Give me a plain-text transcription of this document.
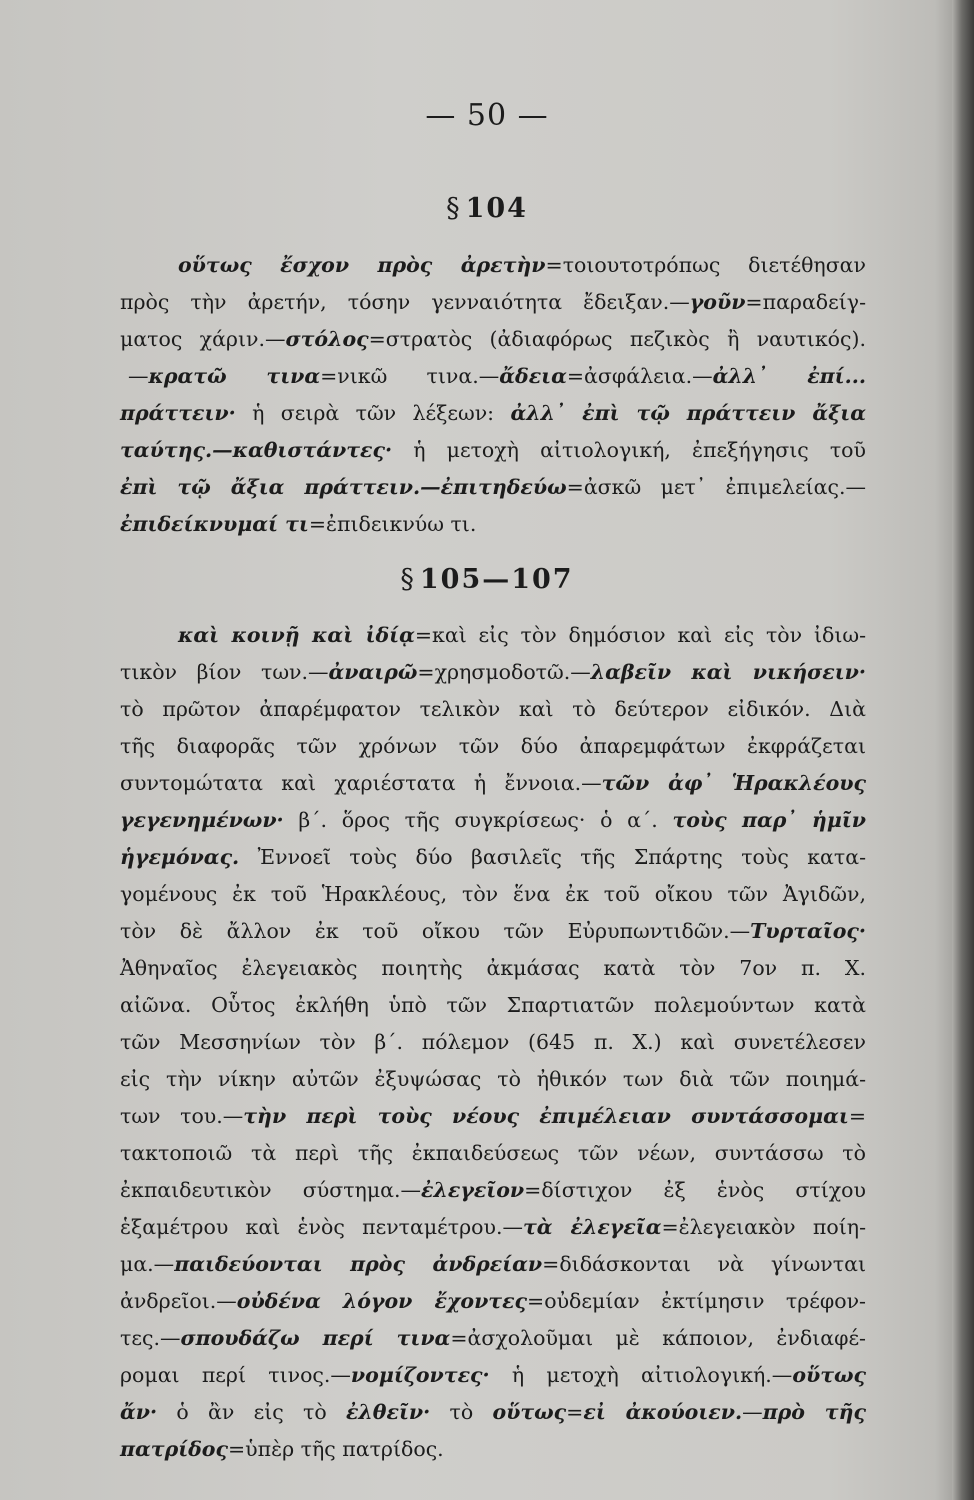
— 50 —
§ 104
οὕτως ἔσχον πρὸς ἀρετὴν=τοιουτοτρόπως διετέθησαν
πρὸς τὴν ἀρετήν, τόσην γενναιότητα ἔδειξαν.—γοῦν=παραδείγ-
ματος χάριν.—στόλος=στρατὸς (ἀδιαφόρως πεζικὸς ἢ ναυτικός).
—κρατῶ τινα=νικῶ τινα.—ἄδεια=ἀσφάλεια.—ἀλλ᾿ ἐπί...
πράττειν· ἡ σειρὰ τῶν λέξεων: ἀλλ᾿ ἐπὶ τῷ πράττειν ἄξια
ταύτης.—καθιστάντες· ἡ μετοχὴ αἰτιολογική, ἐπεξήγησις τοῦ
ἐπὶ τῷ ἄξια πράττειν.—ἐπιτηδεύω=ἀσκῶ μετ᾿ ἐπιμελείας.—
ἐπιδείκνυμαί τι=ἐπιδεικνύω τι.
§ 105—107
καὶ κοινῇ καὶ ἰδίᾳ=καὶ εἰς τὸν δημόσιον καὶ εἰς τὸν ἰδιω-
τικὸν βίον των.—ἀναιρῶ=χρησμοδοτῶ.—λαβεῖν καὶ νικήσειν·
τὸ πρῶτον ἀπαρέμφατον τελικὸν καὶ τὸ δεύτερον εἰδικόν. Διὰ
τῆς διαφορᾶς τῶν χρόνων τῶν δύο ἀπαρεμφάτων ἐκφράζεται
συντομώτατα καὶ χαριέστατα ἡ ἔννοια.—τῶν ἀφ᾿ Ἡρακλέους
γεγενημένων· β΄. ὅρος τῆς συγκρίσεως· ὁ α΄. τοὺς παρ᾿ ἡμῖν
ἡγεμόνας. Ἐννοεῖ τοὺς δύο βασιλεῖς τῆς Σπάρτης τοὺς κατα-
γομένους ἐκ τοῦ Ἡρακλέους, τὸν ἕνα ἐκ τοῦ οἴκου τῶν Ἀγιδῶν,
τὸν δὲ ἄλλον ἐκ τοῦ οἴκου τῶν Εὐρυπωντιδῶν.—Τυρταῖος·
Ἀθηναῖος ἐλεγειακὸς ποιητὴς ἀκμάσας κατὰ τὸν 7ον π. Χ.
αἰῶνα. Οὗτος ἐκλήθη ὑπὸ τῶν Σπαρτιατῶν πολεμούντων κατὰ
τῶν Μεσσηνίων τὸν β΄. πόλεμον (645 π. Χ.) καὶ συνετέλεσεν
εἰς τὴν νίκην αὐτῶν ἐξυψώσας τὸ ἠθικόν των διὰ τῶν ποιημά-
των του.—τὴν περὶ τοὺς νέους ἐπιμέλειαν συντάσσομαι=
τακτοποιῶ τὰ περὶ τῆς ἐκπαιδεύσεως τῶν νέων, συντάσσω τὸ
ἐκπαιδευτικὸν σύστημα.—ἐλεγεῖον=δίστιχον ἐξ ἑνὸς στίχου
ἑξαμέτρου καὶ ἑνὸς πενταμέτρου.—τὰ ἐλεγεῖα=ἐλεγειακὸν ποίη-
μα.—παιδεύονται πρὸς ἀνδρείαν=διδάσκονται νὰ γίνωνται
ἀνδρεῖοι.—οὐδένα λόγον ἔχοντες=οὐδεμίαν ἐκτίμησιν τρέφον-
τες.—σπουδάζω περί τινα=ἀσχολοῦμαι μὲ κάποιον, ἐνδιαφέ-
ρομαι περί τινος.—νομίζοντες· ἡ μετοχὴ αἰτιολογική.—οὕτως
ἄν· ὁ ἂν εἰς τὸ ἐλθεῖν· τὸ οὕτως=εἰ ἀκούοιεν.—πρὸ τῆς
πατρίδος=ὑπὲρ τῆς πατρίδος.
